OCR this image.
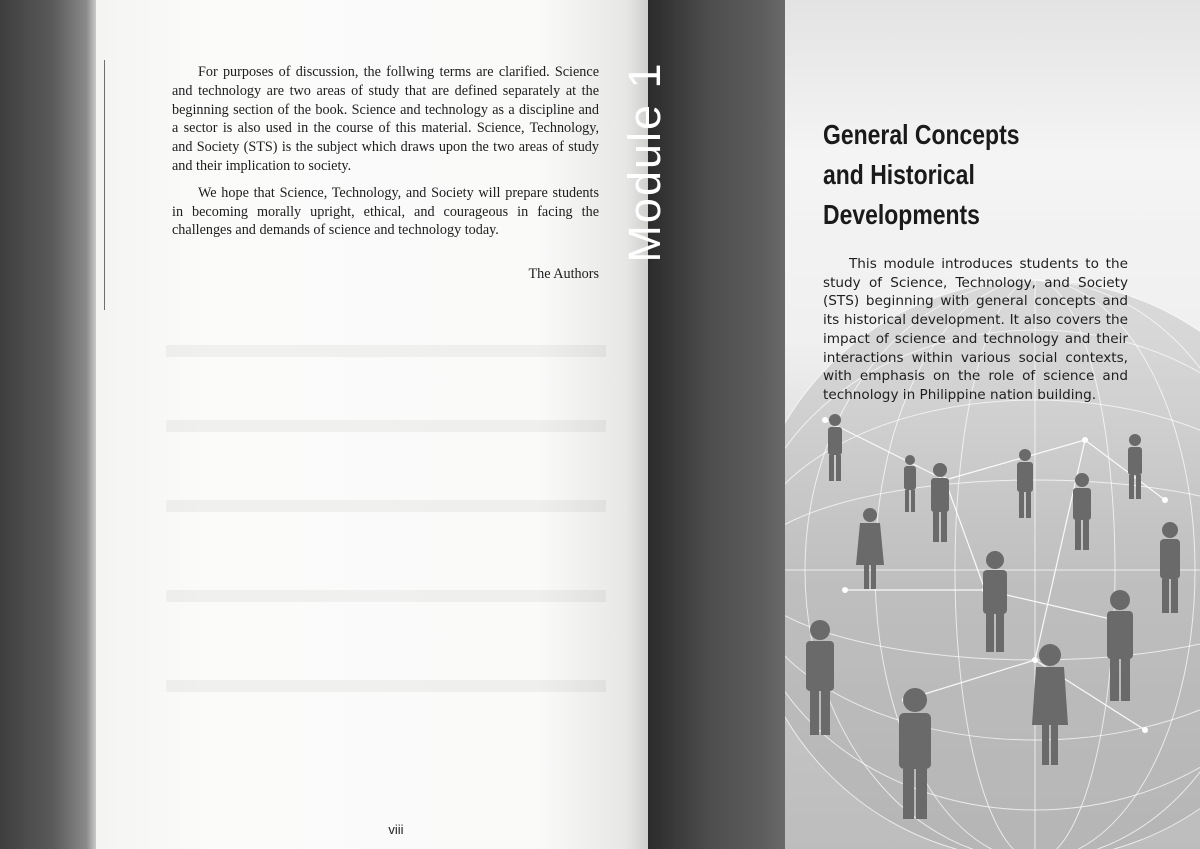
For purposes of discussion, the follwing terms are clarified. Science and technology are two areas of study that are defined separately at the beginning section of the book. Science and technology as a discipline and a sector is also used in the course of this material. Science, Technology, and Society (STS) is the subject which draws upon the two areas of study and their implication to society.

We hope that Science, Technology, and Society will prepare students in becoming morally upright, ethical, and courageous in facing the challenges and demands of science and technology today.

The Authors
viii
Module 1	General Concepts
and Historical
Developments
This module introduces students to the study of Science, Technology, and Society (STS) beginning with general concepts and its historical development. It also covers the impact of science and technology and their interactions within various social contexts, with emphasis on the role of science and technology in Philippine nation building.
